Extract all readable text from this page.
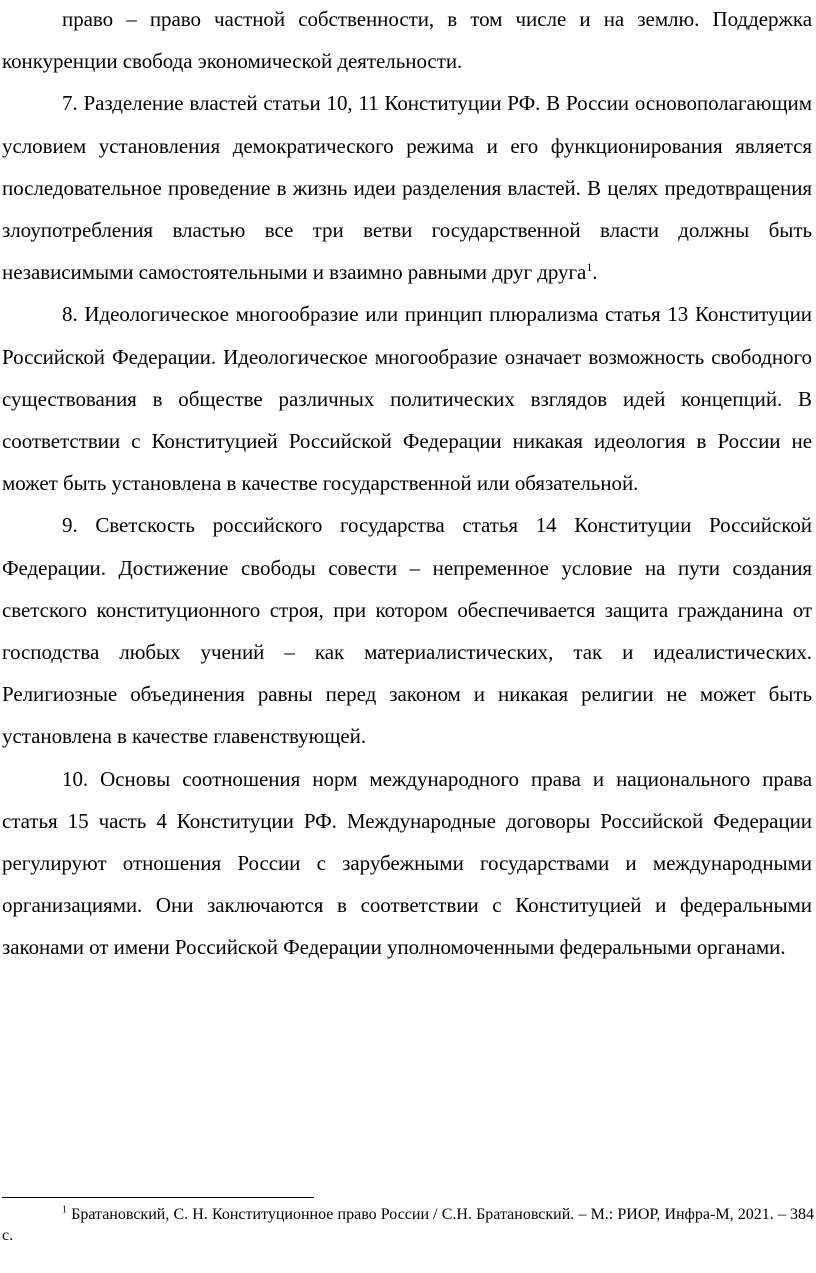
право – право частной собственности, в том числе и на землю. Поддержка конкуренции свобода экономической деятельности.

7. Разделение властей статьи 10, 11 Конституции РФ. В России основополагающим условием установления демократического режима и его функционирования является последовательное проведение в жизнь идеи разделения властей. В целях предотвращения злоупотребления властью все три ветви государственной власти должны быть независимыми самостоятельными и взаимно равными друг друга$^1$.

8. Идеологическое многообразие или принцип плюрализма статья 13 Конституции Российской Федерации. Идеологическое многообразие означает возможность свободного существования в обществе различных политических взглядов идей концепций. В соответствии с Конституцией Российской Федерации никакая идеология в России не может быть установлена в качестве государственной или обязательной.

9. Светскость российского государства статья 14 Конституции Российской Федерации. Достижение свободы совести – непременное условие на пути создания светского конституционного строя, при котором обеспечивается защита гражданина от господства любых учений – как материалистических, так и идеалистических. Религиозные объединения равны перед законом и никакая религии не может быть установлена в качестве главенствующей.

10. Основы соотношения норм международного права и национального права статья 15 часть 4 Конституции РФ. Международные договоры Российской Федерации регулируют отношения России с зарубежными государствами и международными организациями. Они заключаются в соответствии с Конституцией и федеральными законами от имени Российской Федерации уполномоченными федеральными органами.

$^1$ Братановский, С. Н. Конституционное право России / С.Н. Братановский. – М.: РИОР, Инфра-М, 2021. – 384 с.
